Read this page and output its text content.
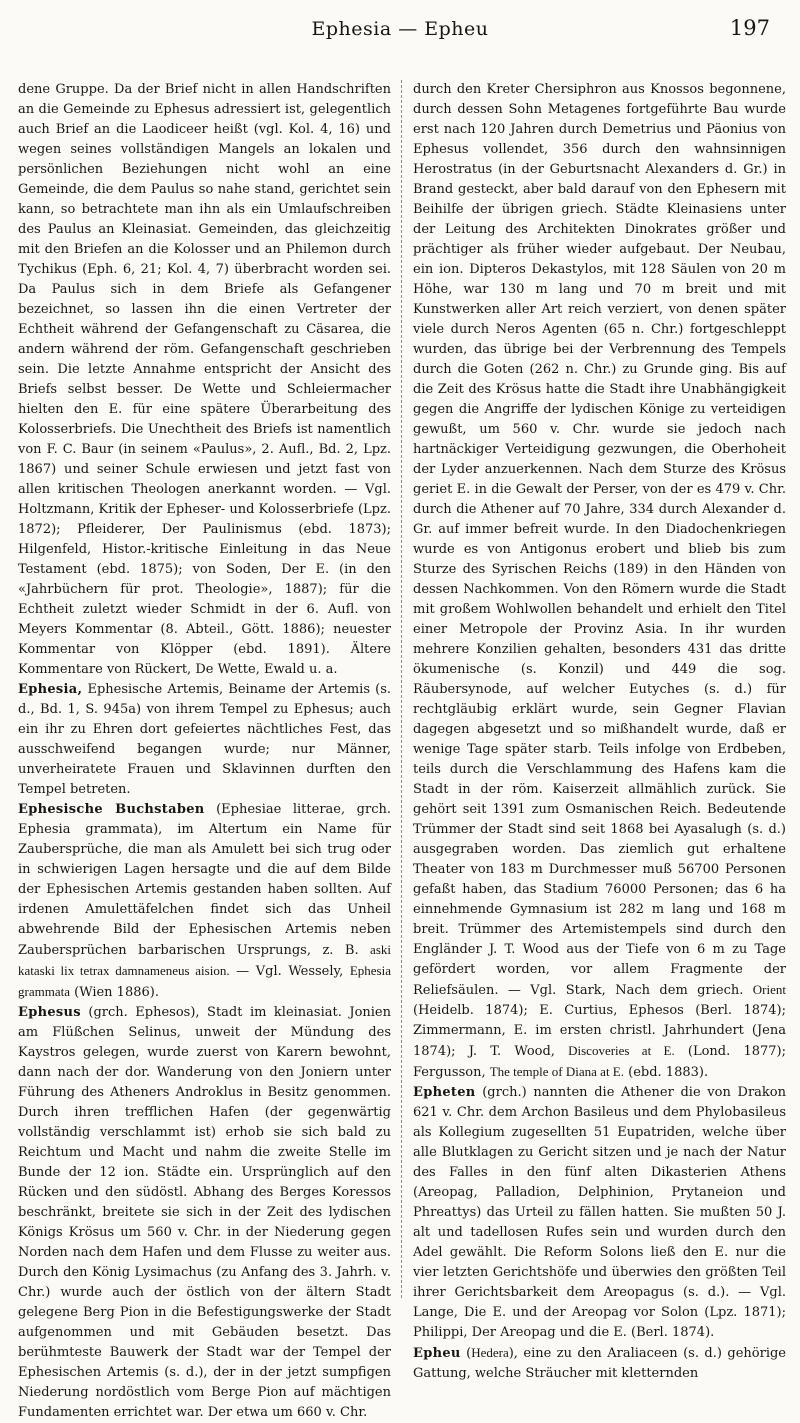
Ephesia — Epheu	197

dene Gruppe. Da der Brief nicht in allen Handschriften an die Gemeinde zu Ephesus adressiert ist, gelegentlich auch Brief an die Laodiceer heißt (vgl. Kol. 4, 16) und wegen seines vollständigen Mangels an lokalen und persönlichen Beziehungen nicht wohl an eine Gemeinde, die dem Paulus so nahe stand, gerichtet sein kann, so betrachtete man ihn als ein Umlaufschreiben des Paulus an Kleinasiat. Gemeinden, das gleichzeitig mit den Briefen an die Kolosser und an Philemon durch Tychikus (Eph. 6, 21; Kol. 4, 7) überbracht worden sei. Da Paulus sich in dem Briefe als Gefangener bezeichnet, so lassen ihn die einen Vertreter der Echtheit während der Gefangenschaft zu Cäsarea, die andern während der röm. Gefangenschaft geschrieben sein. Die letzte Annahme entspricht der Ansicht des Briefs selbst besser. De Wette und Schleiermacher hielten den E. für eine spätere Überarbeitung des Kolosserbriefs. Die Unechtheit des Briefs ist namentlich von F. C. Baur (in seinem «Paulus», 2. Aufl., Bd. 2, Lpz. 1867) und seiner Schule erwiesen und jetzt fast von allen kritischen Theologen anerkannt worden. — Vgl. Holtzmann, Kritik der Epheser- und Kolosserbriefe (Lpz. 1872); Pfleiderer, Der Paulinismus (ebd. 1873); Hilgenfeld, Histor.-kritische Einleitung in das Neue Testament (ebd. 1875); von Soden, Der E. (in den «Jahrbüchern für prot. Theologie», 1887); für die Echtheit zuletzt wieder Schmidt in der 6. Aufl. von Meyers Kommentar (8. Abteil., Gött. 1886); neuester Kommentar von Klöpper (ebd. 1891). Ältere Kommentare von Rückert, De Wette, Ewald u. a.

Ephesia, Ephesische Artemis, Beiname der Artemis (s. d., Bd. 1, S. 945a) von ihrem Tempel zu Ephesus; auch ein ihr zu Ehren dort gefeiertes nächtliches Fest, das ausschweifend begangen wurde; nur Männer, unverheiratete Frauen und Sklavinnen durften den Tempel betreten.

Ephesische Buchstaben (Ephesiae litterae, grch. Ephesia grammata), im Altertum ein Name für Zaubersprüche, die man als Amulett bei sich trug oder in schwierigen Lagen hersagte und die auf dem Bilde der Ephesischen Artemis gestanden haben sollten. Auf irdenen Amulettäfelchen findet sich das Unheil abwehrende Bild der Ephesischen Artemis neben Zaubersprüchen barbarischen Ursprungs, z. B. aski kataski lix tetrax damnameneus aision. — Vgl. Wessely, Ephesia grammata (Wien 1886).

Ephesus (grch. Ephesos), Stadt im kleinasiat. Jonien am Flüßchen Selinus, unweit der Mündung des Kaystros gelegen, wurde zuerst von Karern bewohnt, dann nach der dor. Wanderung von den Joniern unter Führung des Atheners Androklus in Besitz genommen. Durch ihren trefflichen Hafen (der gegenwärtig vollständig verschlammt ist) erhob sie sich bald zu Reichtum und Macht und nahm die zweite Stelle im Bunde der 12 ion. Städte ein. Ursprünglich auf den Rücken und den südöstl. Abhang des Berges Koressos beschränkt, breitete sie sich in der Zeit des lydischen Königs Krösus um 560 v. Chr. in der Niederung gegen Norden nach dem Hafen und dem Flusse zu weiter aus. Durch den König Lysimachus (zu Anfang des 3. Jahrh. v. Chr.) wurde auch der östlich von der ältern Stadt gelegene Berg Pion in die Befestigungswerke der Stadt aufgenommen und mit Gebäuden besetzt. Das berühmteste Bauwerk der Stadt war der Tempel der Ephesischen Artemis (s. d.), der in der jetzt sumpfigen Niederung nordöstlich vom Berge Pion auf mächtigen Fundamenten errichtet war. Der etwa um 660 v. Chr.

durch den Kreter Chersiphron aus Knossos begonnene, durch dessen Sohn Metagenes fortgeführte Bau wurde erst nach 120 Jahren durch Demetrius und Päonius von Ephesus vollendet, 356 durch den wahnsinnigen Herostratus (in der Geburtsnacht Alexanders d. Gr.) in Brand gesteckt, aber bald darauf von den Ephesern mit Beihilfe der übrigen griech. Städte Kleinasiens unter der Leitung des Architekten Dinokrates größer und prächtiger als früher wieder aufgebaut. Der Neubau, ein ion. Dipteros Dekastylos, mit 128 Säulen von 20 m Höhe, war 130 m lang und 70 m breit und mit Kunstwerken aller Art reich verziert, von denen später viele durch Neros Agenten (65 n. Chr.) fortgeschleppt wurden, das übrige bei der Verbrennung des Tempels durch die Goten (262 n. Chr.) zu Grunde ging. Bis auf die Zeit des Krösus hatte die Stadt ihre Unabhängigkeit gegen die Angriffe der lydischen Könige zu verteidigen gewußt, um 560 v. Chr. wurde sie jedoch nach hartnäckiger Verteidigung gezwungen, die Oberhoheit der Lyder anzuerkennen. Nach dem Sturze des Krösus geriet E. in die Gewalt der Perser, von der es 479 v. Chr. durch die Athener auf 70 Jahre, 334 durch Alexander d. Gr. auf immer befreit wurde. In den Diadochenkriegen wurde es von Antigonus erobert und blieb bis zum Sturze des Syrischen Reichs (189) in den Händen von dessen Nachkommen. Von den Römern wurde die Stadt mit großem Wohlwollen behandelt und erhielt den Titel einer Metropole der Provinz Asia. In ihr wurden mehrere Konzilien gehalten, besonders 431 das dritte ökumenische (s. Konzil) und 449 die sog. Räubersynode, auf welcher Eutyches (s. d.) für rechtgläubig erklärt wurde, sein Gegner Flavian dagegen abgesetzt und so mißhandelt wurde, daß er wenige Tage später starb. Teils infolge von Erdbeben, teils durch die Verschlammung des Hafens kam die Stadt in der röm. Kaiserzeit allmählich zurück. Sie gehört seit 1391 zum Osmanischen Reich. Bedeutende Trümmer der Stadt sind seit 1868 bei Ayasalugh (s. d.) ausgegraben worden. Das ziemlich gut erhaltene Theater von 183 m Durchmesser muß 56700 Personen gefaßt haben, das Stadium 76000 Personen; das 6 ha einnehmende Gymnasium ist 282 m lang und 168 m breit. Trümmer des Artemistempels sind durch den Engländer J. T. Wood aus der Tiefe von 6 m zu Tage gefördert worden, vor allem Fragmente der Reliefsäulen. — Vgl. Stark, Nach dem griech. Orient (Heidelb. 1874); E. Curtius, Ephesos (Berl. 1874); Zimmermann, E. im ersten christl. Jahrhundert (Jena 1874); J. T. Wood, Discoveries at E. (Lond. 1877); Fergusson, The temple of Diana at E. (ebd. 1883).

Epheten (grch.) nannten die Athener die von Drakon 621 v. Chr. dem Archon Basileus und dem Phylobasileus als Kollegium zugesellten 51 Eupatriden, welche über alle Blutklagen zu Gericht sitzen und je nach der Natur des Falles in den fünf alten Dikasterien Athens (Areopag, Palladion, Delphinion, Prytaneion und Phreattys) das Urteil zu fällen hatten. Sie mußten 50 J. alt und tadellosen Rufes sein und wurden durch den Adel gewählt. Die Reform Solons ließ den E. nur die vier letzten Gerichtshöfe und überwies den größten Teil ihrer Gerichtsbarkeit dem Areopagus (s. d.). — Vgl. Lange, Die E. und der Areopag vor Solon (Lpz. 1871); Philippi, Der Areopag und die E. (Berl. 1874).

Epheu (Hedera), eine zu den Araliaceen (s. d.) gehörige Gattung, welche Sträucher mit kletternden
